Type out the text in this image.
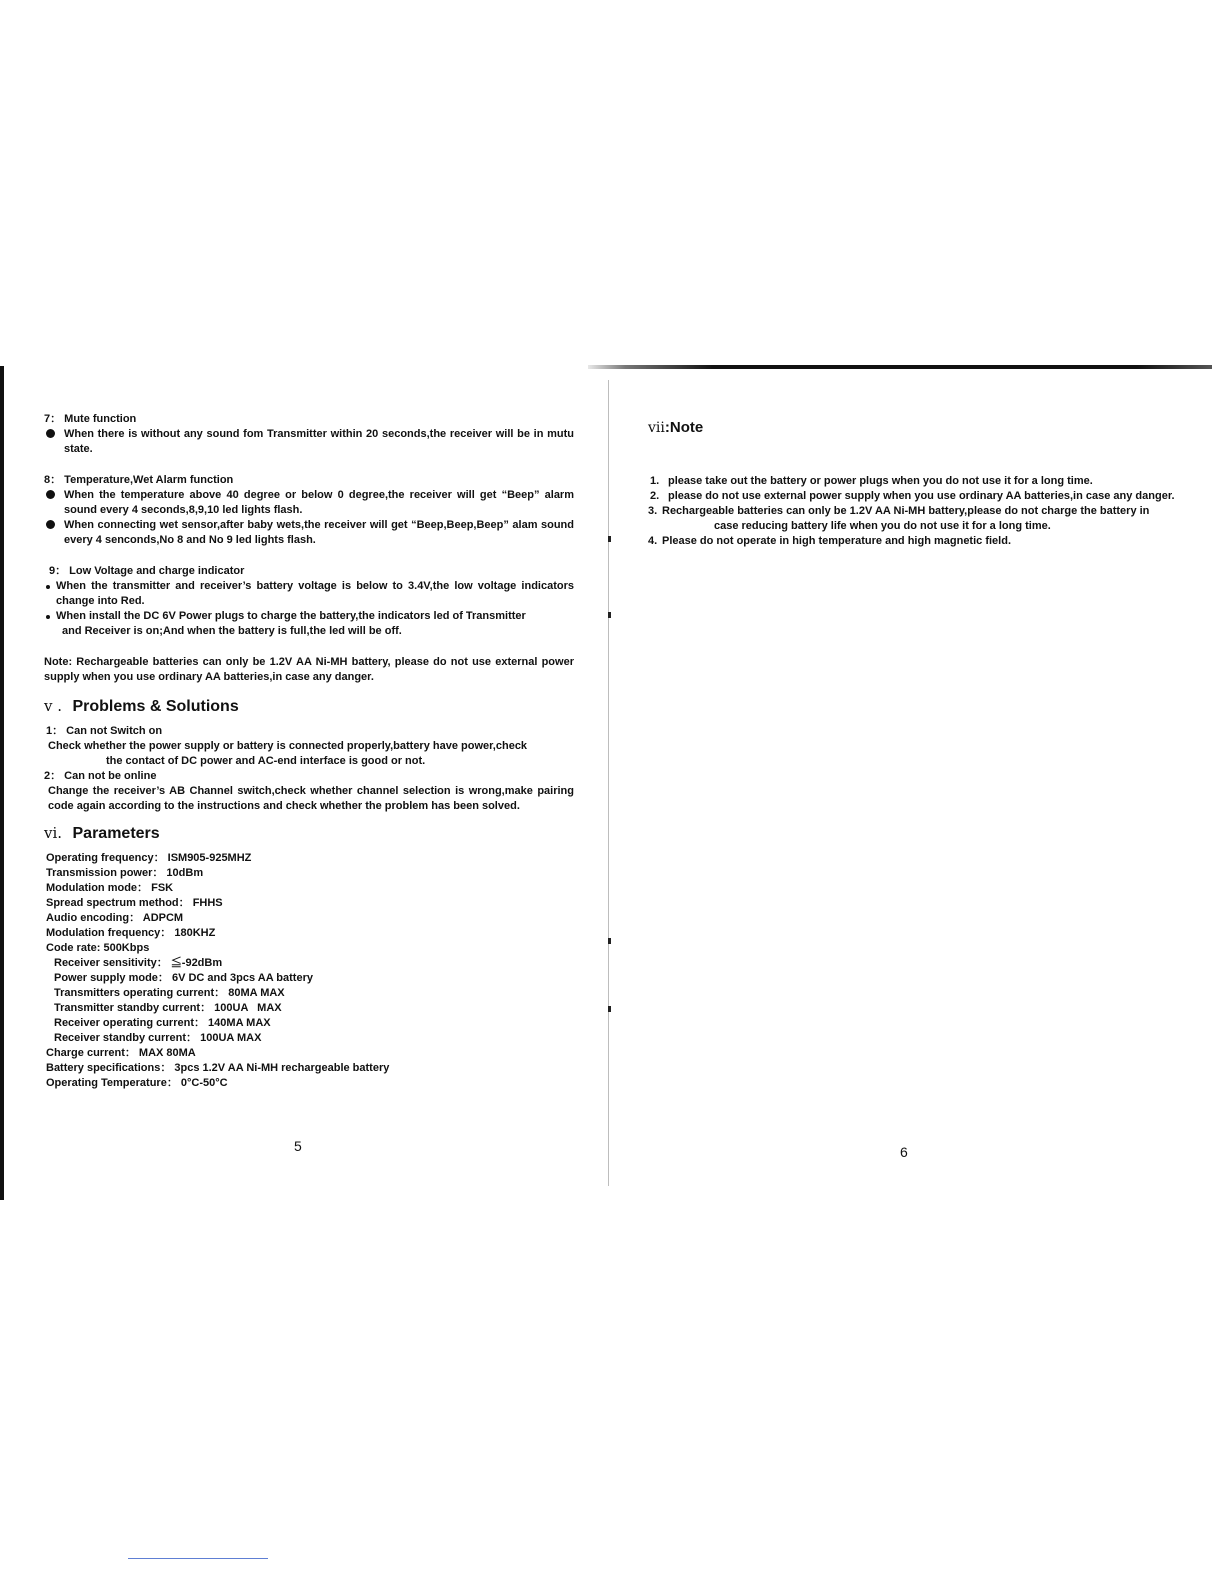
7： Mute function
When there is without any sound fom Transmitter within 20 seconds,the receiver will be in mutu state.
8： Temperature,Wet Alarm function
When the temperature above 40 degree or below 0 degree,the receiver will get “Beep” alarm sound every 4 seconds,8,9,10 led lights flash.
When connecting wet sensor,after baby wets,the receiver will get “Beep,Beep,Beep” alam sound every 4 senconds,No 8 and No 9 led lights flash.
9： Low Voltage and charge indicator
When the transmitter and receiver’s battery voltage is below to 3.4V,the low voltage indicators change into Red.
When install the DC 6V Power plugs to charge the battery,the indicators led of Transmitter
and Receiver is on;And when the battery is full,the led will be off.
Note: Rechargeable batteries can only be 1.2V AA Ni-MH battery, please do not use external power supply when you use ordinary AA batteries,in case any danger.
v . Problems & Solutions
1： Can not Switch on
Check whether the power supply or battery is connected properly,battery have power,check
the contact of DC power and AC-end interface is good or not.
2： Can not be online
Change the receiver’s AB Channel switch,check whether channel selection is wrong,make pairing code again according to the instructions and check whether the problem has been solved.
vi. Parameters
Operating frequency： ISM905-925MHZ
Transmission power： 10dBm
Modulation mode： FSK
Spread spectrum method： FHHS
Audio encoding： ADPCM
Modulation frequency： 180KHZ
Code rate: 500Kbps
Receiver sensitivity： ≦-92dBm
Power supply mode： 6V DC and 3pcs AA battery
Transmitters operating current： 80MA MAX
Transmitter standby current： 100UA   MAX
Receiver operating current： 140MA MAX
Receiver standby current： 100UA MAX
Charge current： MAX 80MA
Battery specifications： 3pcs 1.2V AA Ni-MH rechargeable battery
Operating Temperature： 0°C-50°C
5
vii:Note
1. please take out the battery or power plugs when you do not use it for a long time.
2. please do not use external power supply when you use ordinary AA batteries,in case any danger.
3. Rechargeable batteries can only be 1.2V AA Ni-MH battery,please do not charge the battery in
case reducing battery life when you do not use it for a long time.
4. Please do not operate in high temperature and high magnetic field.
6
